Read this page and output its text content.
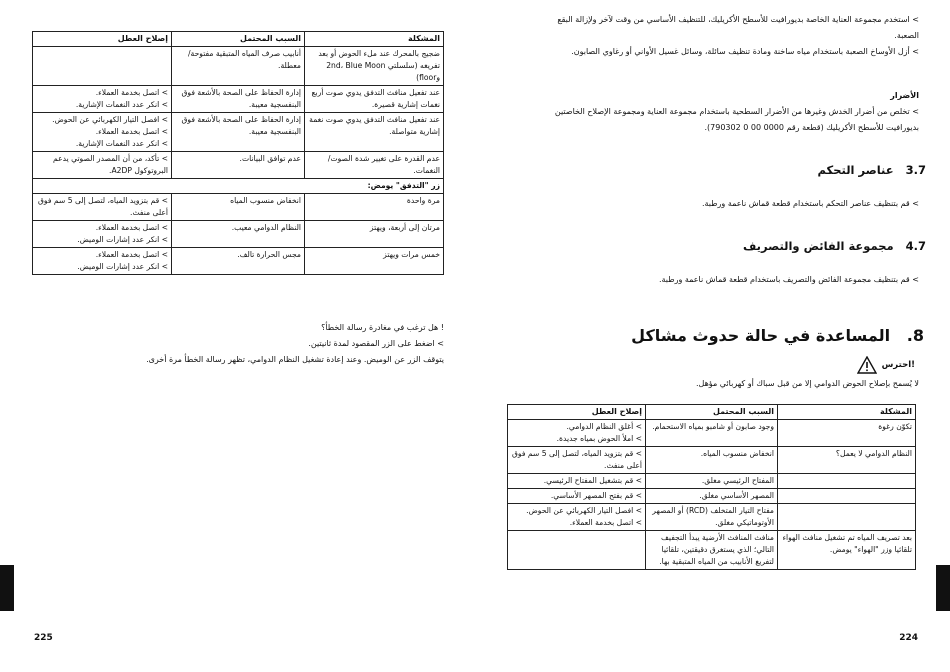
المشكلة	السبب المحتمل	إصلاح العطل
ضجيج بالمحرك عند ملء الحوض أو بعد تفريغه (سلسلتي 2nd، Blue Moon وfloor)	أنابيب صرف المياه المتبقية مفتوحة/معطلة.	
عند تفعيل منافث التدفق يدوي صوت أربع نغمات إشارية قصيرة.	إدارة الحفاظ على الصحة بالأشعة فوق البنفسجية معيبة.	> اتصل بخدمة العملاء.
> انكر عدد النغمات الإشارية.
عند تفعيل منافث التدفق يدوي صوت نغمة إشارية متواصلة.	إدارة الحفاظ على الصحة بالأشعة فوق البنفسجية معيبة.	> افصل التيار الكهربائي عن الحوض.
> اتصل بخدمة العملاء.
> انكر عدد النغمات الإشارية.
عدم القدرة على تغيير شدة الصوت/ النغمات.	عدم توافق البيانات.	> تأكد، من أن المصدر الصوتي يدعم البروتوكول A2DP.
زر "التدفق" يومض:		
مرة واحدة	انخفاض منسوب المياه	> قم بتزويد المياه، لتصل إلى 5 سم فوق أعلى منفث.
مرتان إلى أربعة، ويهتز	النظام الدوامي معيب.	> اتصل بخدمة العملاء.
> انكر عدد إشارات الوميض.
خمس مرات ويهتز	مجس الحرارة تالف.	> اتصل بخدمة العملاء.
> انكر عدد إشارات الوميض.
! هل ترغب في مغادرة رسالة الخطأ؟
> اضغط على الزر المقصود لمدة ثانيتين.
يتوقف الزر عن الوميض. وعند إعادة تشغيل النظام الدوامي، تظهر رسالة الخطأ مرة أخرى.
225
> استخدم مجموعة العناية الخاصة بديورافيت للأسطح الأكريليك، للتنظيف الأساسي من وقت لآخر ولإزالة البقع
الصعبة.
> أزل الأوساخ الصعبة باستخدام مياه ساخنة ومادة تنظيف سائلة، وسائل غسيل الأواني أو رغاوي الصابون.
الأضرار
> تخلص من أضرار الخدش وغيرها من الأضرار السطحية باستخدام مجموعة العناية ومجموعة الإصلاح الخاصتين
بديورافيت للأسطح الأكريليك (قطعة رقم 0000 00 0 790302).
3.7   عناصر التحكم
> قم بتنظيف عناصر التحكم باستخدام قطعة قماش ناعمة ورطبة.
4.7   مجموعة الفائض والتصريف
> قم بتنظيف مجموعة الفائض والتصريف باستخدام قطعة قماش ناعمة ورطبة.
8.   المساعدة في حالة حدوث مشاكل
احترس!
لا يُسمح بإصلاح الحوض الدوامي إلا من قبل سباك أو كهربائي مؤهل.
المشكلة	السبب المحتمل	إصلاح العطل
تكوّن رغوة	وجود صابون أو شامبو بمياه الاستحمام.	> أغلق النظام الدوامي.
> املأ الحوض بمياه جديدة.
النظام الدوامي لا يعمل؟	انخفاض منسوب المياه.	> قم بتزويد المياه، لتصل إلى 5 سم فوق أعلى منفث.
	المفتاح الرئيسي مغلق.	> قم بتشغيل المفتاح الرئيسي.
	المصهر الأساسي مغلق.	> قم بفتح المصهر الأساسي.
	مفتاح التيار المتخلف (RCD) أو المصهر الأوتوماتيكي مغلق.	> افصل التيار الكهربائي عن الحوض.
> اتصل بخدمة العملاء.
بعد تصريف المياه تم تشغيل منافث الهواء تلقائيا وزر "الهواء" يومض.	منافث المنافث الأرضية يبدأ التجفيف التالي؛ الذي يستغرق دقيقتين، تلقائيا لتفريغ الأنابيب من المياه المتبقية بها.	
224
